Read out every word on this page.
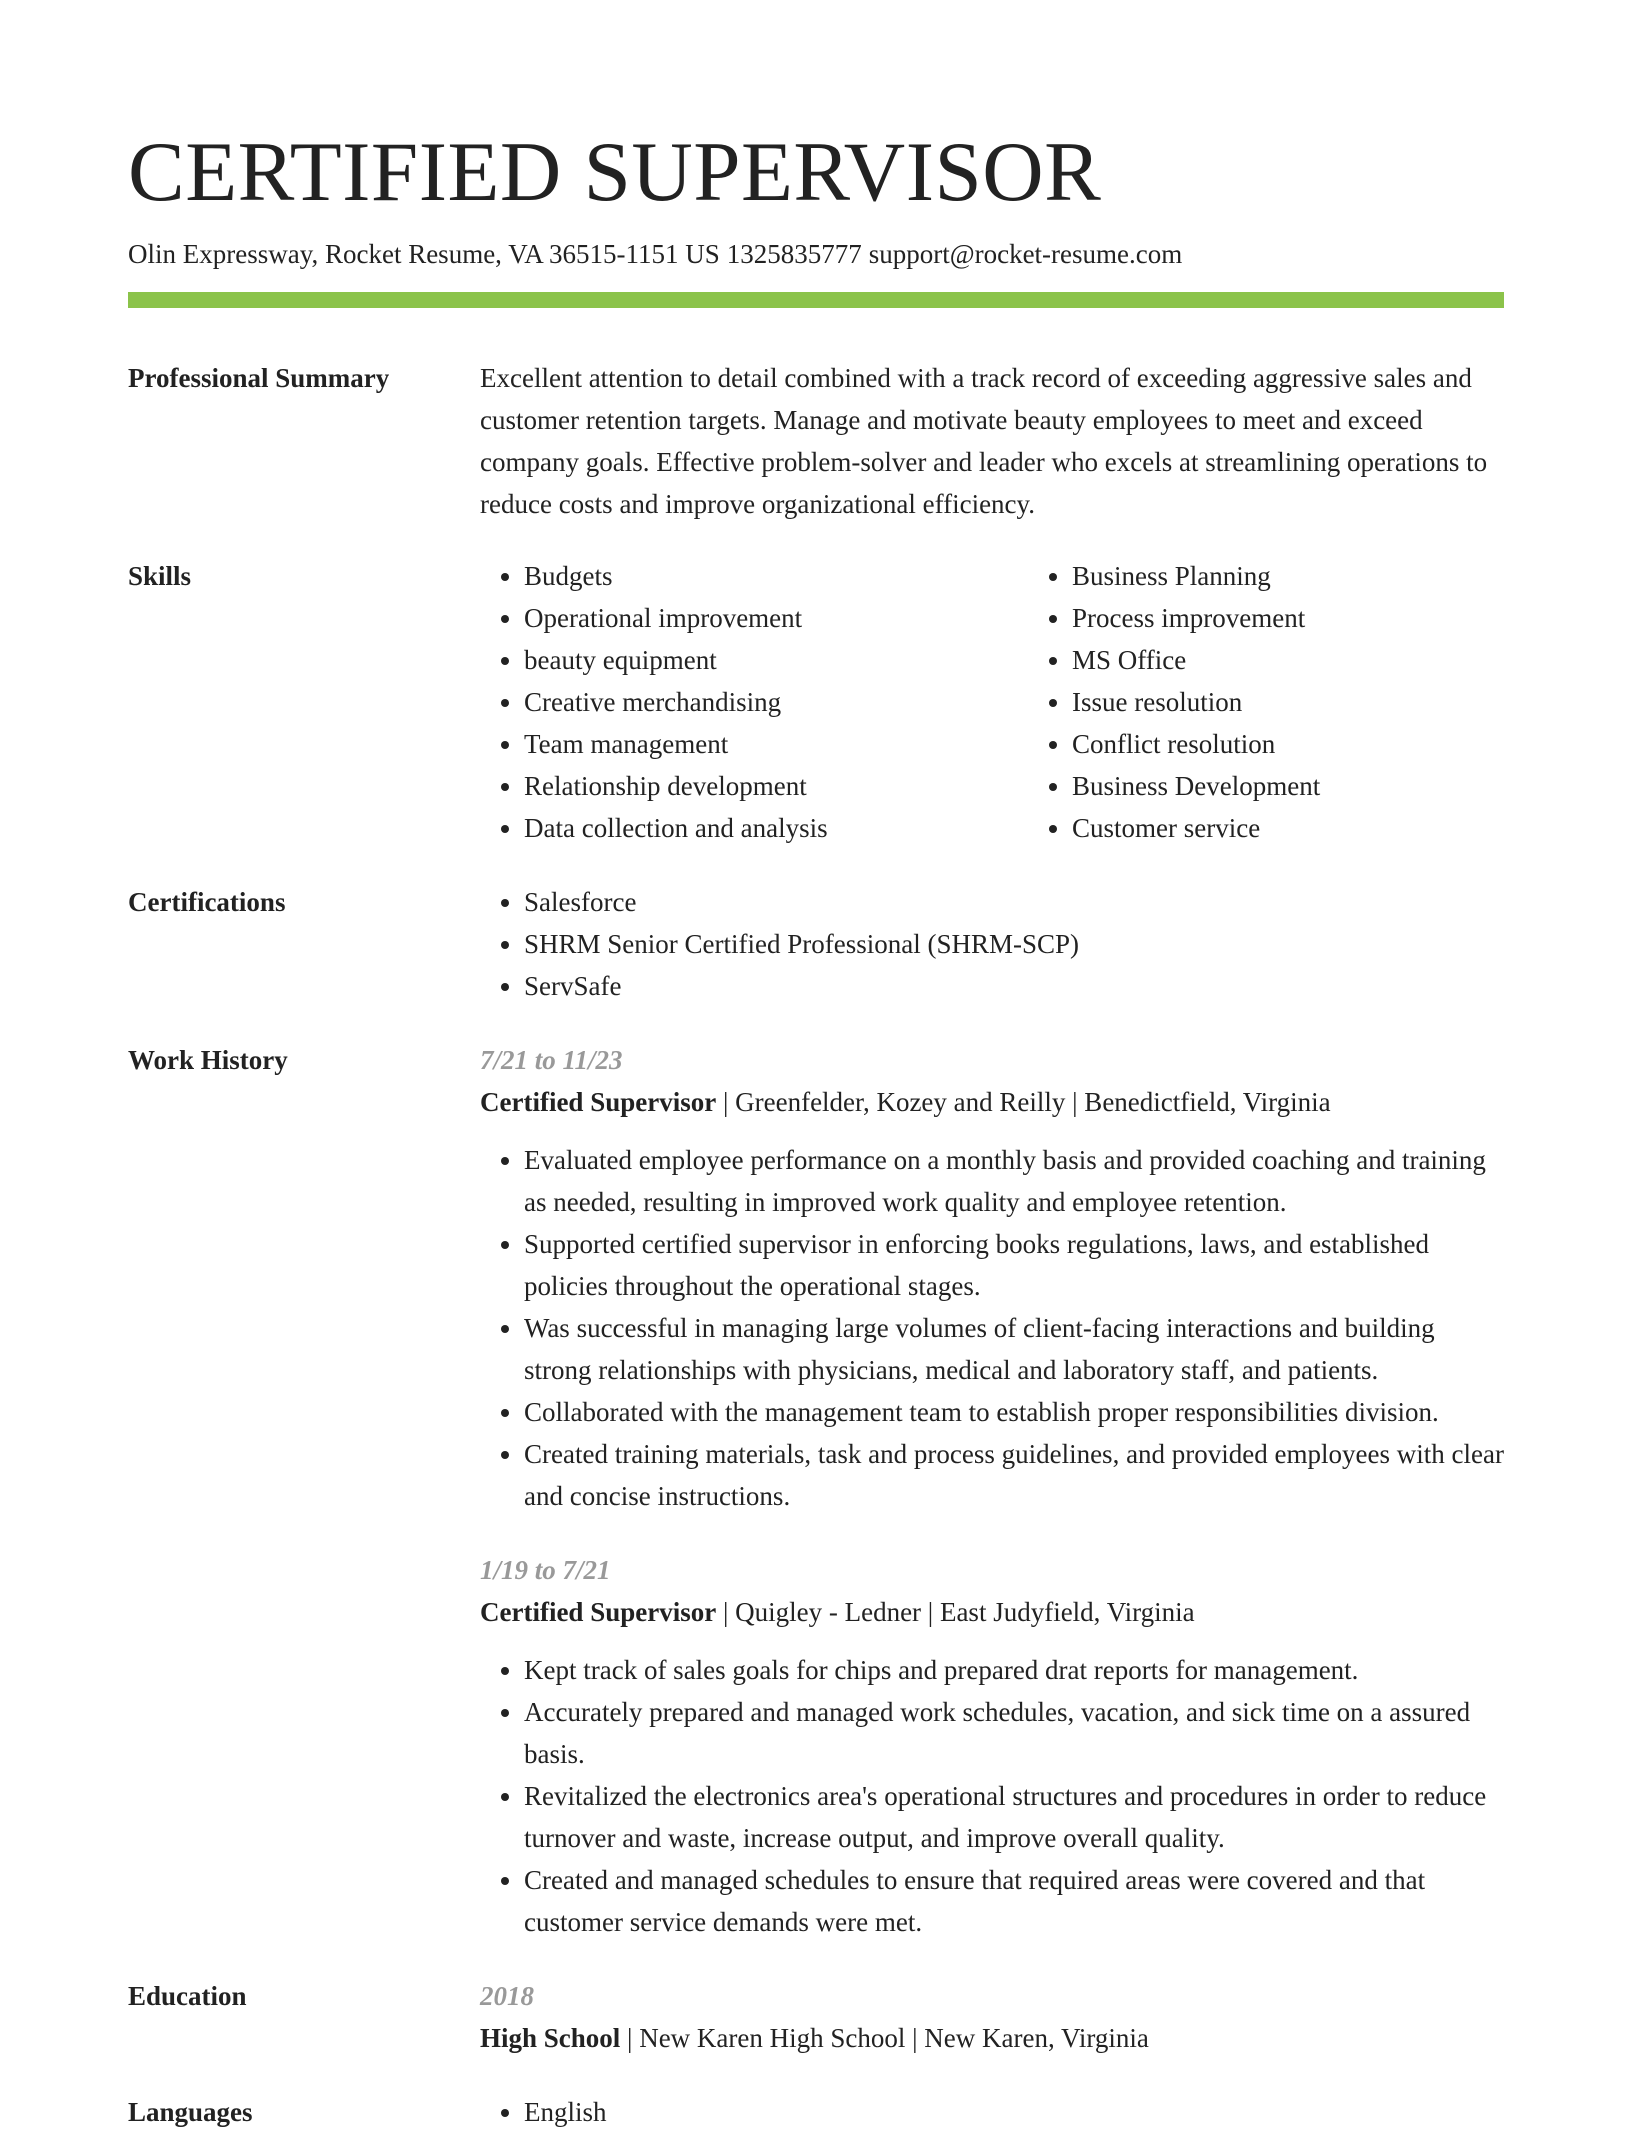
CERTIFIED SUPERVISOR
Olin Expressway, Rocket Resume, VA 36515-1151 US 1325835777 support@rocket-resume.com
Professional Summary	Excellent attention to detail combined with a track record of exceeding aggressive sales and customer retention targets. Manage and motivate beauty employees to meet and exceed company goals. Effective problem-solver and leader who excels at streamlining operations to reduce costs and improve organizational efficiency.
Skills	• Budgets
• Operational improvement
• beauty equipment
• Creative merchandising
• Team management
• Relationship development
• Data collection and analysis
• Business Planning
• Process improvement
• MS Office
• Issue resolution
• Conflict resolution
• Business Development
• Customer service
Certifications	• Salesforce
• SHRM Senior Certified Professional (SHRM-SCP)
• ServSafe
Work History	7/21 to 11/23
Certified Supervisor | Greenfelder, Kozey and Reilly | Benedictfield, Virginia
• Evaluated employee performance on a monthly basis and provided coaching and training as needed, resulting in improved work quality and employee retention.
• Supported certified supervisor in enforcing books regulations, laws, and established policies throughout the operational stages.
• Was successful in managing large volumes of client-facing interactions and building strong relationships with physicians, medical and laboratory staff, and patients.
• Collaborated with the management team to establish proper responsibilities division.
• Created training materials, task and process guidelines, and provided employees with clear and concise instructions.
1/19 to 7/21
Certified Supervisor | Quigley - Ledner | East Judyfield, Virginia
• Kept track of sales goals for chips and prepared drat reports for management.
• Accurately prepared and managed work schedules, vacation, and sick time on a assured basis.
• Revitalized the electronics area's operational structures and procedures in order to reduce turnover and waste, increase output, and improve overall quality.
• Created and managed schedules to ensure that required areas were covered and that customer service demands were met.
Education	2018
High School | New Karen High School | New Karen, Virginia
Languages	• English
